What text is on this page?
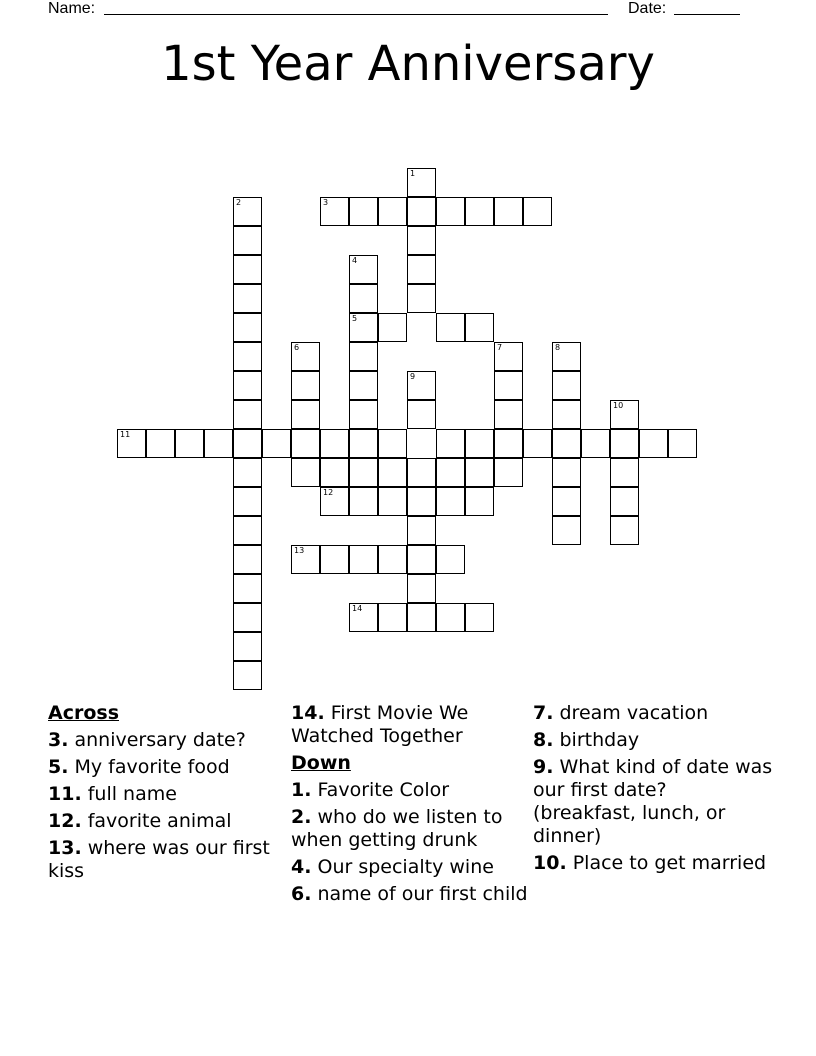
Name:	Date:
1st Year Anniversary
1
2	3
4
5
6	7	8
9
10
11
12
13
14
Across
3. anniversary date?
5. My favorite food
11. full name
12. favorite animal
13. where was our first kiss
14. First Movie We Watched Together
Down
1. Favorite Color
2. who do we listen to when getting drunk
4. Our specialty wine
6. name of our first child
7. dream vacation
8. birthday
9. What kind of date was our first date? (breakfast, lunch, or dinner)
10. Place to get married
